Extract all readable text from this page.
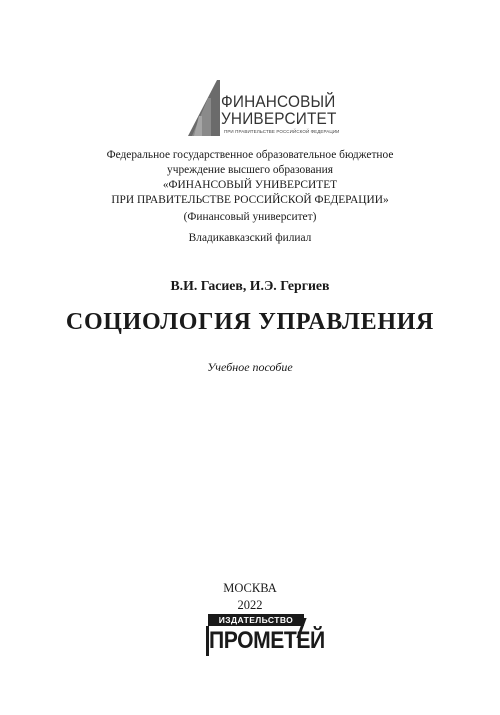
ФИНАНСОВЫЙ
УНИВЕРСИТЕТ
ПРИ ПРАВИТЕЛЬСТВЕ РОССИЙСКОЙ ФЕДЕРАЦИИ
Федеральное государственное образовательное бюджетное
учреждение высшего образования
«ФИНАНСОВЫЙ УНИВЕРСИТЕТ
ПРИ ПРАВИТЕЛЬСТВЕ РОССИЙСКОЙ ФЕДЕРАЦИИ»
(Финансовый университет)
Владикавказский филиал
В.И. Гасиев, И.Э. Гергиев
СОЦИОЛОГИЯ УПРАВЛЕНИЯ
Учебное пособие
МОСКВА
2022
ИЗДАТЕЛЬСТВО
ПРОМЕТЕЙ
